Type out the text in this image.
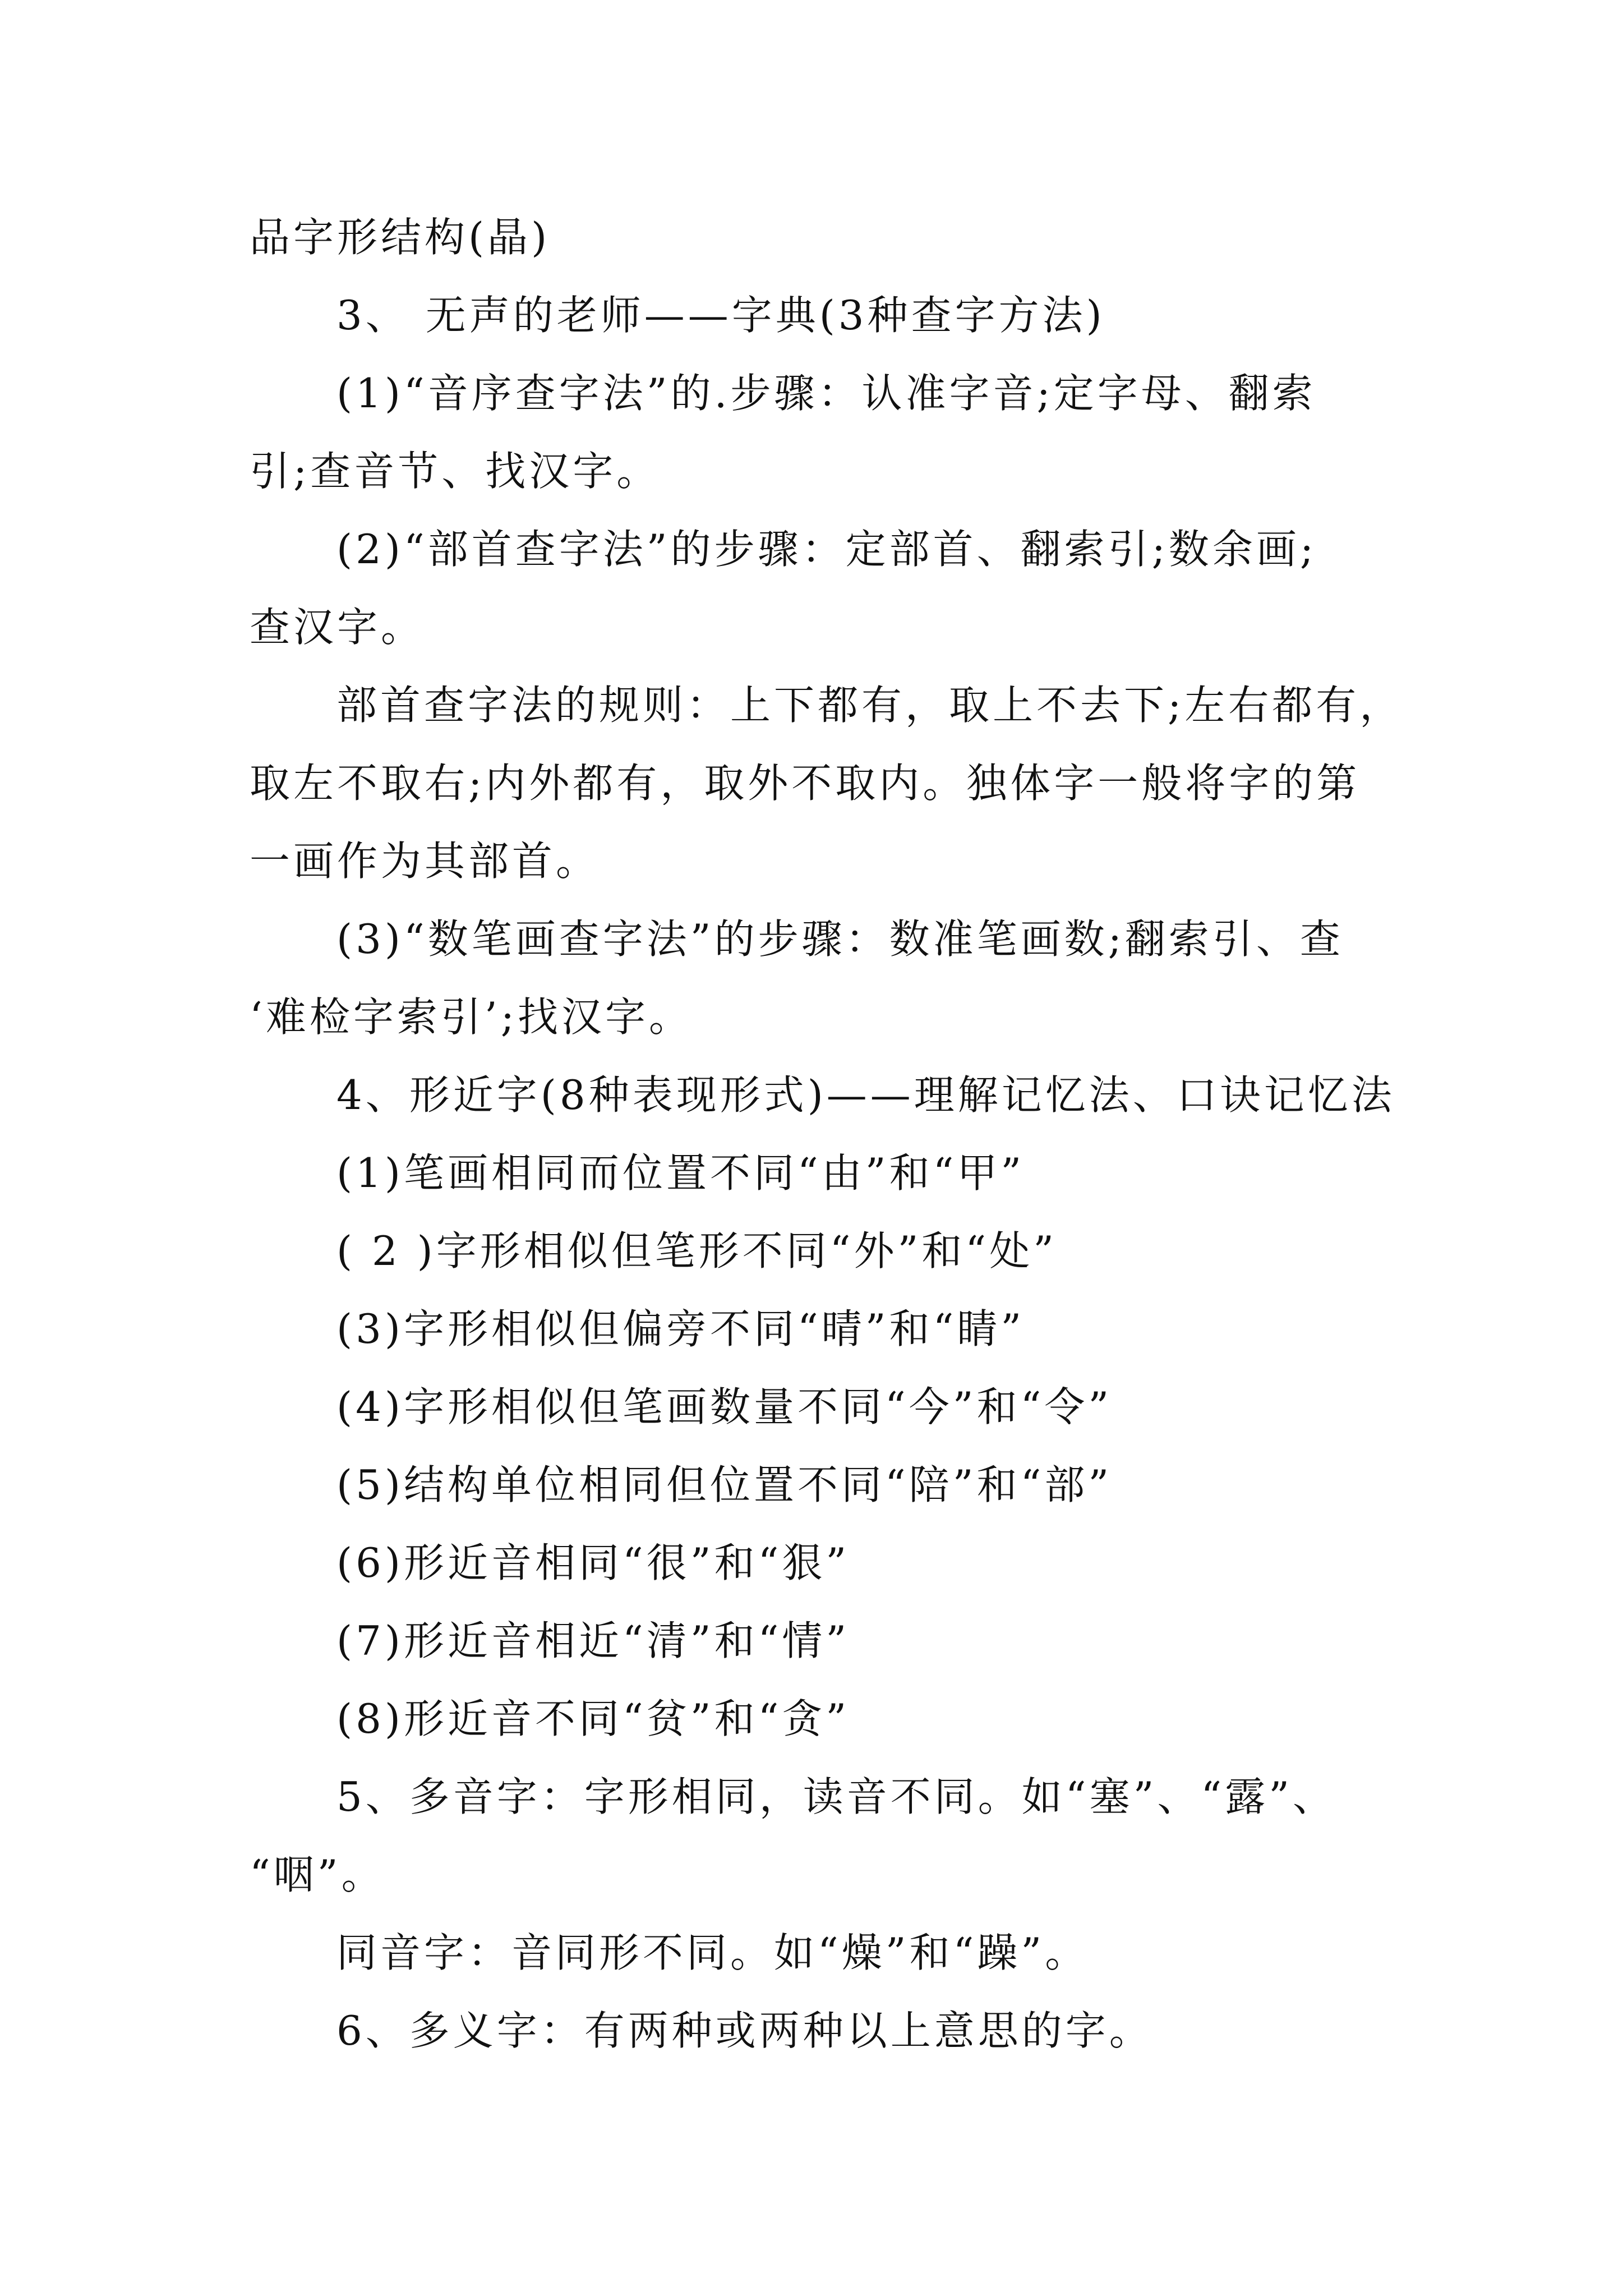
品字形结构(晶)
3、 无声的老师——字典(3种查字方法)
(1)“音序查字法”的.步骤：认准字音;定字母、翻索
引;查音节、找汉字。
(2)“部首查字法”的步骤：定部首、翻索引;数余画;
查汉字。
部首查字法的规则：上下都有，取上不去下;左右都有，
取左不取右;内外都有，取外不取内。独体字一般将字的第
一画作为其部首。
(3)“数笔画查字法”的步骤：数准笔画数;翻索引、查
‘难检字索引’;找汉字。
4、形近字(8种表现形式)——理解记忆法、口诀记忆法
(1)笔画相同而位置不同“由”和“甲”
( 2 )字形相似但笔形不同“外”和“处”
(3)字形相似但偏旁不同“晴”和“睛”
(4)字形相似但笔画数量不同“今”和“令”
(5)结构单位相同但位置不同“陪”和“部”
(6)形近音相同“很”和“狠”
(7)形近音相近“清”和“情”
(8)形近音不同“贫”和“贪”
5、多音字：字形相同，读音不同。如“塞”、“露”、
“咽”。
同音字：音同形不同。如“燥”和“躁”。
6、多义字：有两种或两种以上意思的字。
